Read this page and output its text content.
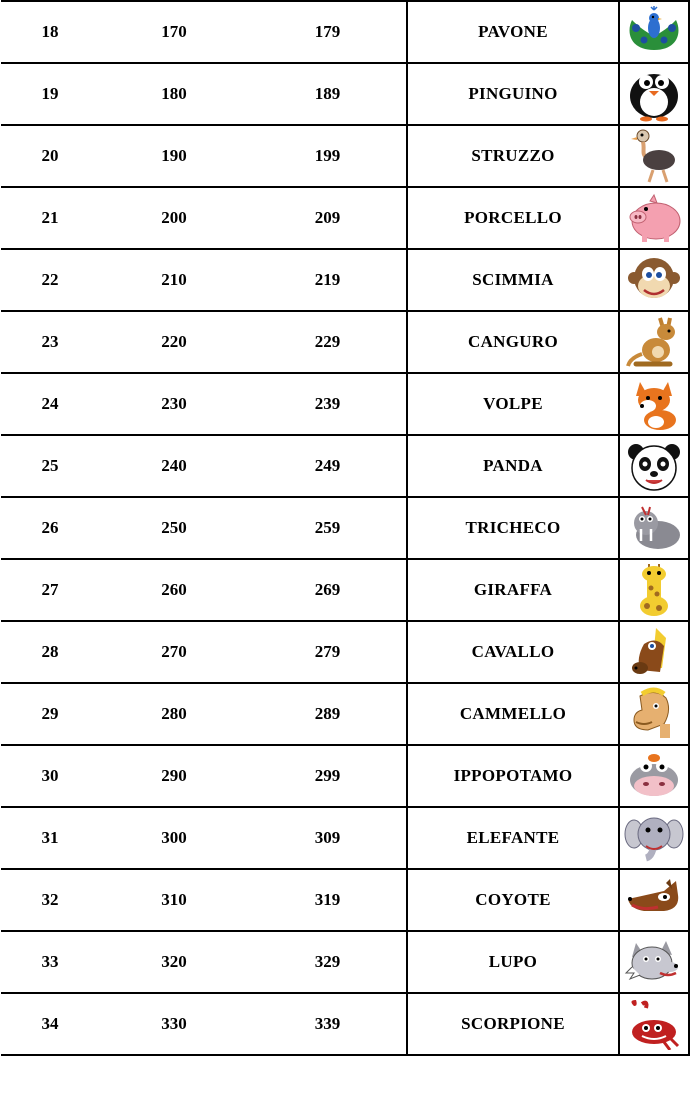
18	170	179	PAVONE	

19	180	189	PINGUINO	

20	190	199	STRUZZO	

21	200	209	PORCELLO	

22	210	219	SCIMMIA	

23	220	229	CANGURO	

24	230	239	VOLPE	

25	240	249	PANDA	

26	250	259	TRICHECO	

27	260	269	GIRAFFA	

28	270	279	CAVALLO	

29	280	289	CAMMELLO	

30	290	299	IPPOPOTAMO	

31	300	309	ELEFANTE	

32	310	319	COYOTE	

33	320	329	LUPO	

34	330	339	SCORPIONE	
